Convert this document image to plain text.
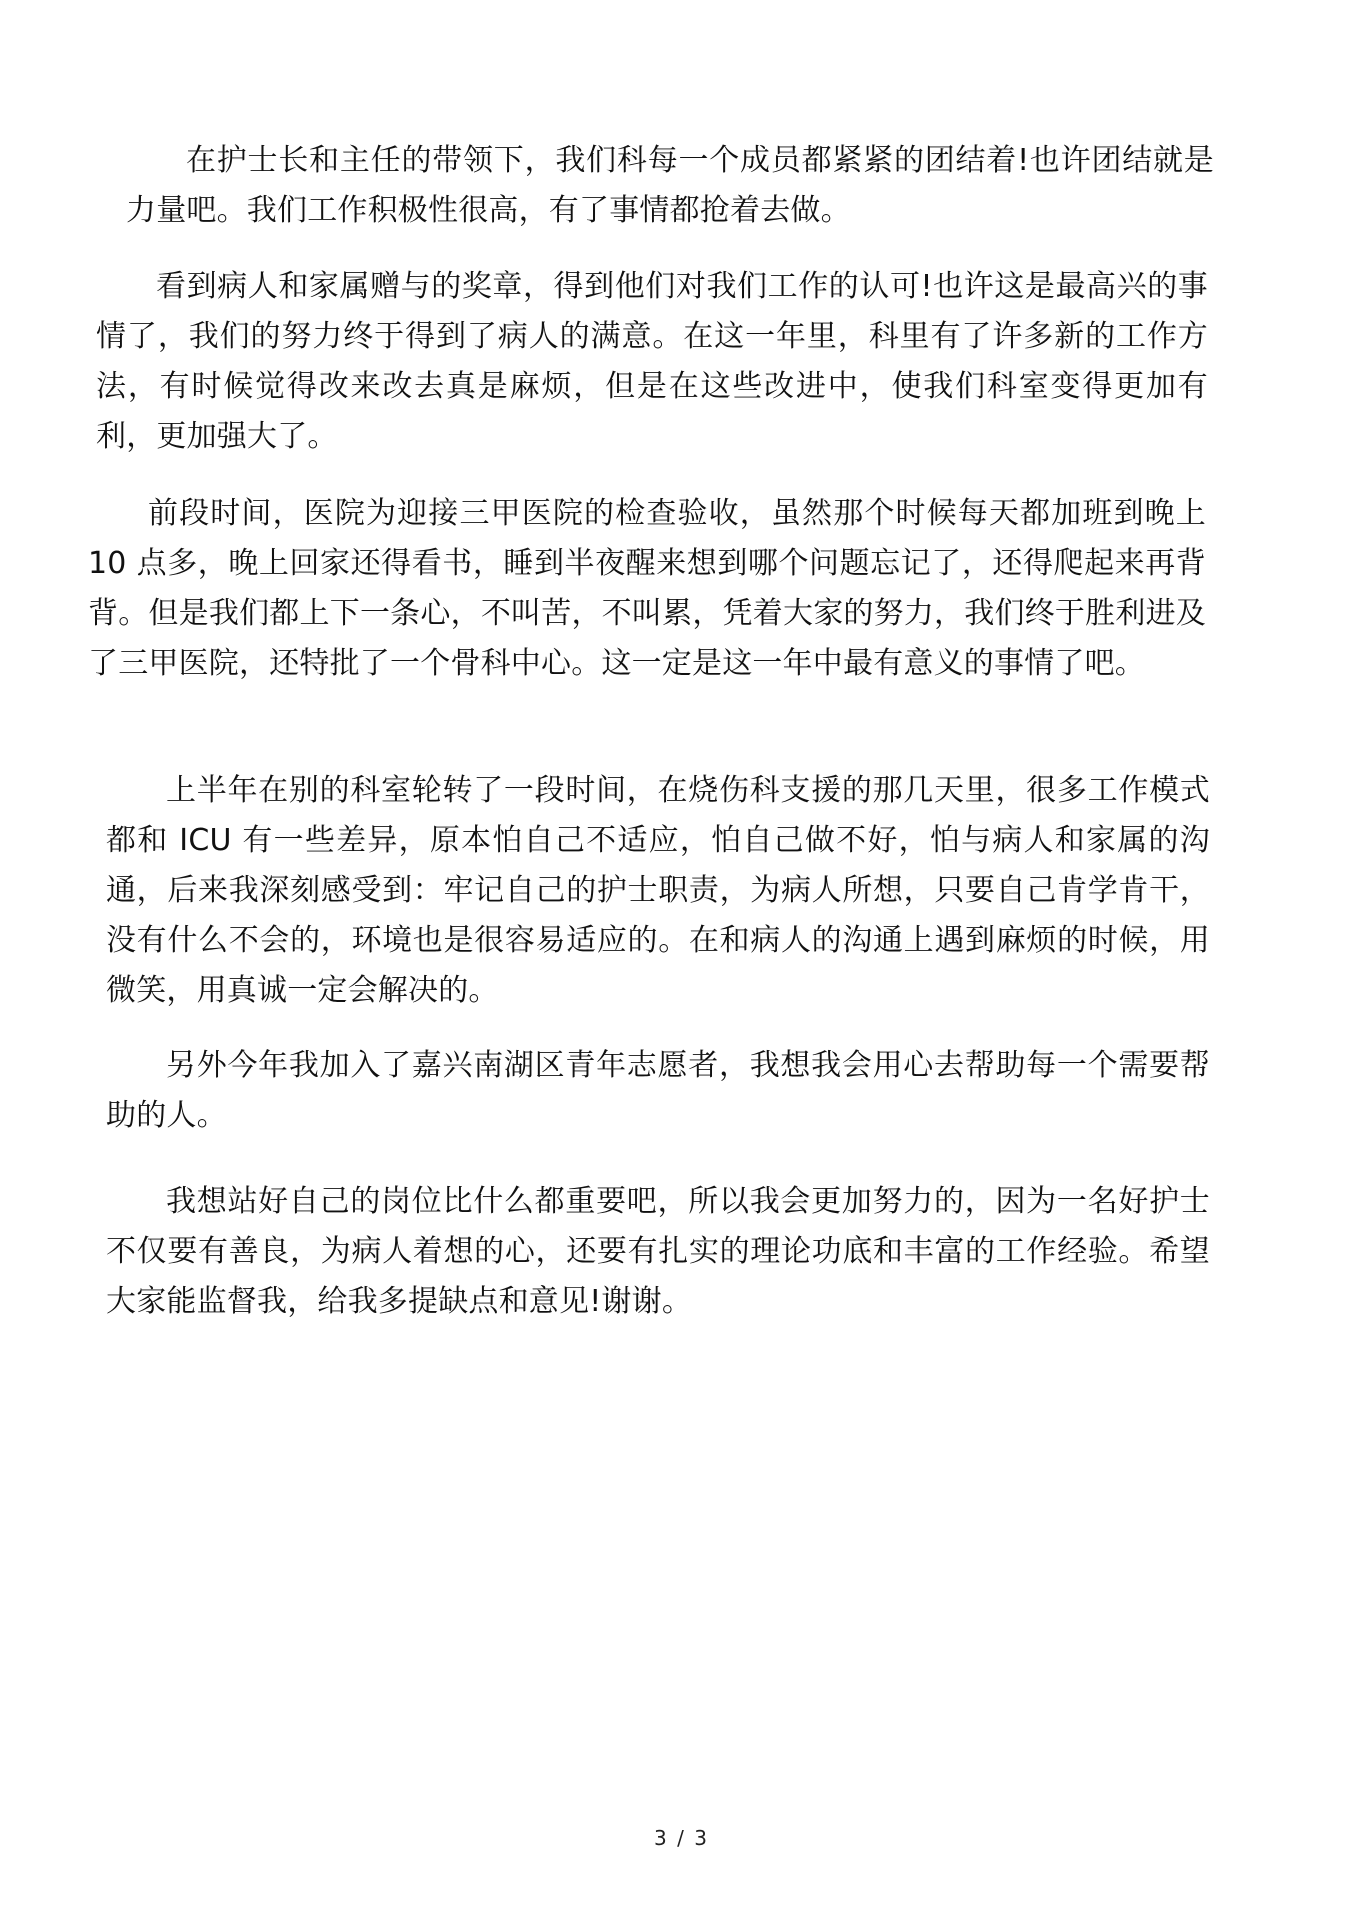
在护士长和主任的带领下，我们科每一个成员都紧紧的团结着!也许团结就是力量吧。我们工作积极性很高，有了事情都抢着去做。

看到病人和家属赠与的奖章，得到他们对我们工作的认可!也许这是最高兴的事情了，我们的努力终于得到了病人的满意。在这一年里，科里有了许多新的工作方法，有时候觉得改来改去真是麻烦，但是在这些改进中，使我们科室变得更加有利，更加强大了。

前段时间，医院为迎接三甲医院的检查验收，虽然那个时候每天都加班到晚上 10 点多，晚上回家还得看书，睡到半夜醒来想到哪个问题忘记了，还得爬起来再背背。但是我们都上下一条心，不叫苦，不叫累，凭着大家的努力，我们终于胜利进及了三甲医院，还特批了一个骨科中心。这一定是这一年中最有意义的事情了吧。

上半年在别的科室轮转了一段时间，在烧伤科支援的那几天里，很多工作模式都和 ICU 有一些差异，原本怕自己不适应，怕自己做不好，怕与病人和家属的沟通，后来我深刻感受到：牢记自己的护士职责，为病人所想，只要自己肯学肯干，没有什么不会的，环境也是很容易适应的。在和病人的沟通上遇到麻烦的时候，用微笑，用真诚一定会解决的。

另外今年我加入了嘉兴南湖区青年志愿者，我想我会用心去帮助每一个需要帮助的人。

我想站好自己的岗位比什么都重要吧，所以我会更加努力的，因为一名好护士不仅要有善良，为病人着想的心，还要有扎实的理论功底和丰富的工作经验。希望大家能监督我，给我多提缺点和意见!谢谢。

3 / 3
